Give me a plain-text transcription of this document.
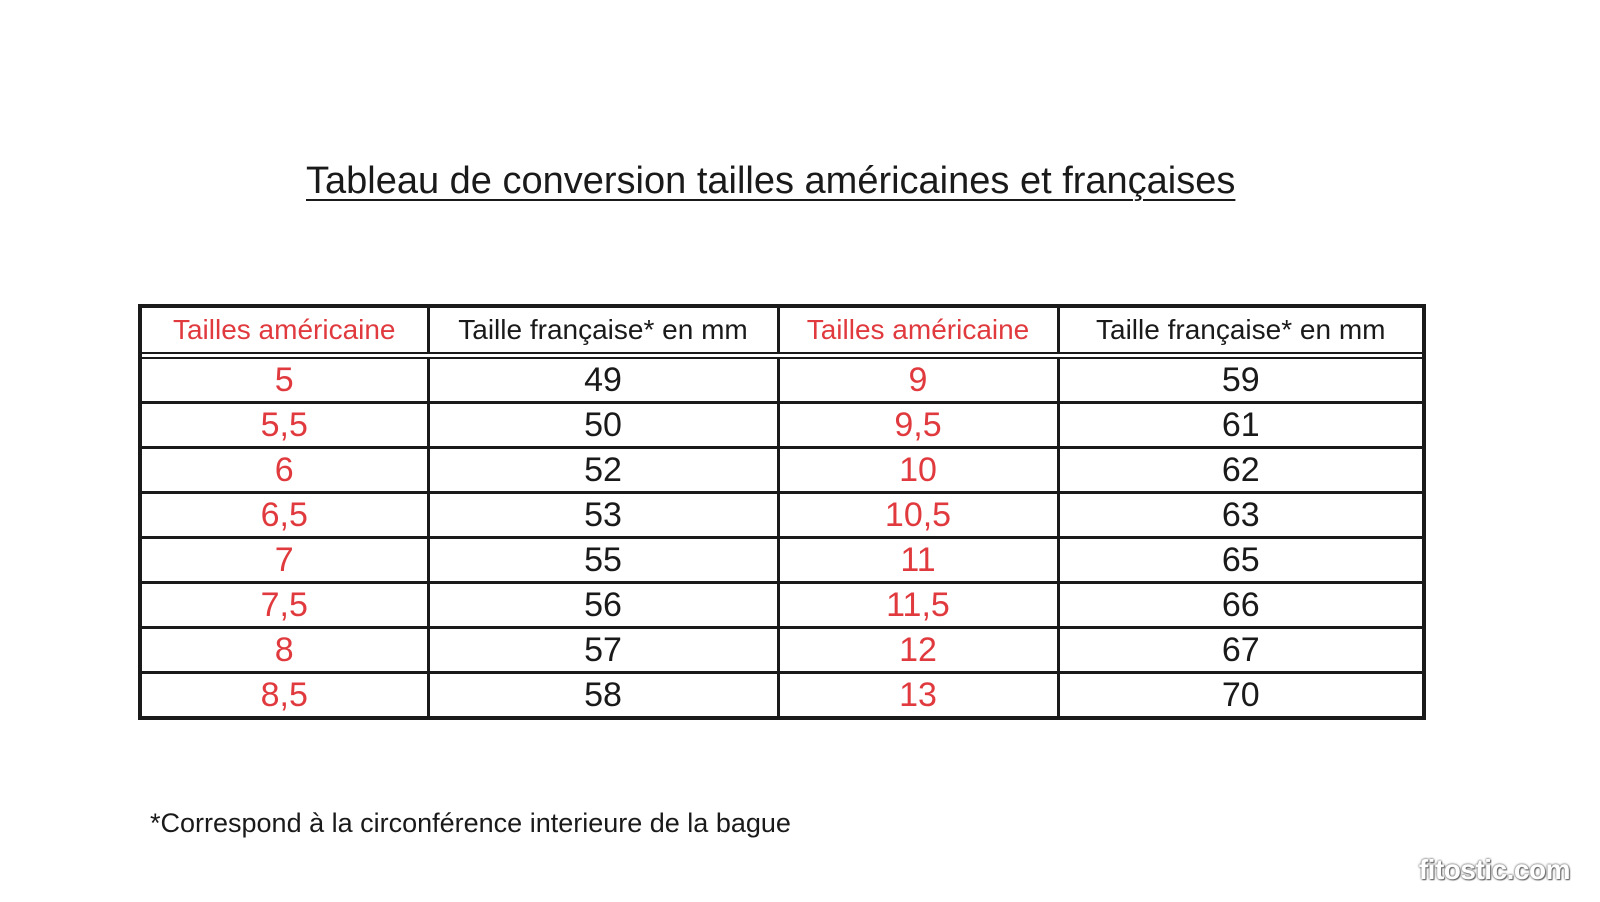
Tableau de conversion tailles américaines et françaises
Tailles américaine	Taille française* en mm	Tailles américaine	Taille française* en mm
5	49	9	59
5,5	50	9,5	61
6	52	10	62
6,5	53	10,5	63
7	55	11	65
7,5	56	11,5	66
8	57	12	67
8,5	58	13	70
*Correspond à la circonférence interieure de la bague
fitostic.com
